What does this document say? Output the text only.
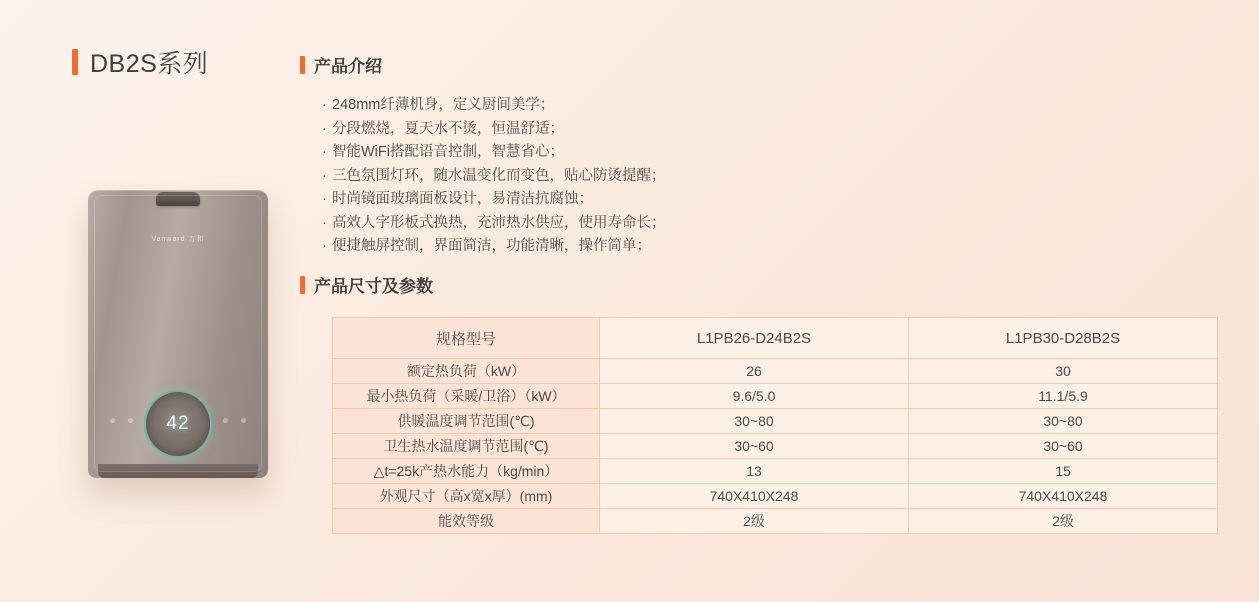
DB2S系列
Vanward 万和
42
产品介绍
· 248mm纤薄机身，定义厨间美学；
· 分段燃烧，夏天水不烫，恒温舒适；
· 智能WiFi搭配语音控制，智慧省心；
· 三色氛围灯环，随水温变化而变色，贴心防烫提醒；
· 时尚镜面玻璃面板设计，易清洁抗腐蚀；
· 高效人字形板式换热，充沛热水供应，使用寿命长；
· 便捷触屏控制，界面简洁，功能清晰，操作简单；
产品尺寸及参数
规格型号	L1PB26-D24B2S	L1PB30-D28B2S
额定热负荷（kW）	26	30
最小热负荷（采暖/卫浴）（kW）	9.6/5.0	11.1/5.9
供暖温度调节范围(℃)	30~80	30~80
卫生热水温度调节范围(℃)	30~60	30~60
△t=25k产热水能力（kg/min）	13	15
外观尺寸（高x宽x厚）(mm)	740X410X248	740X410X248
能效等级	2级	2级
